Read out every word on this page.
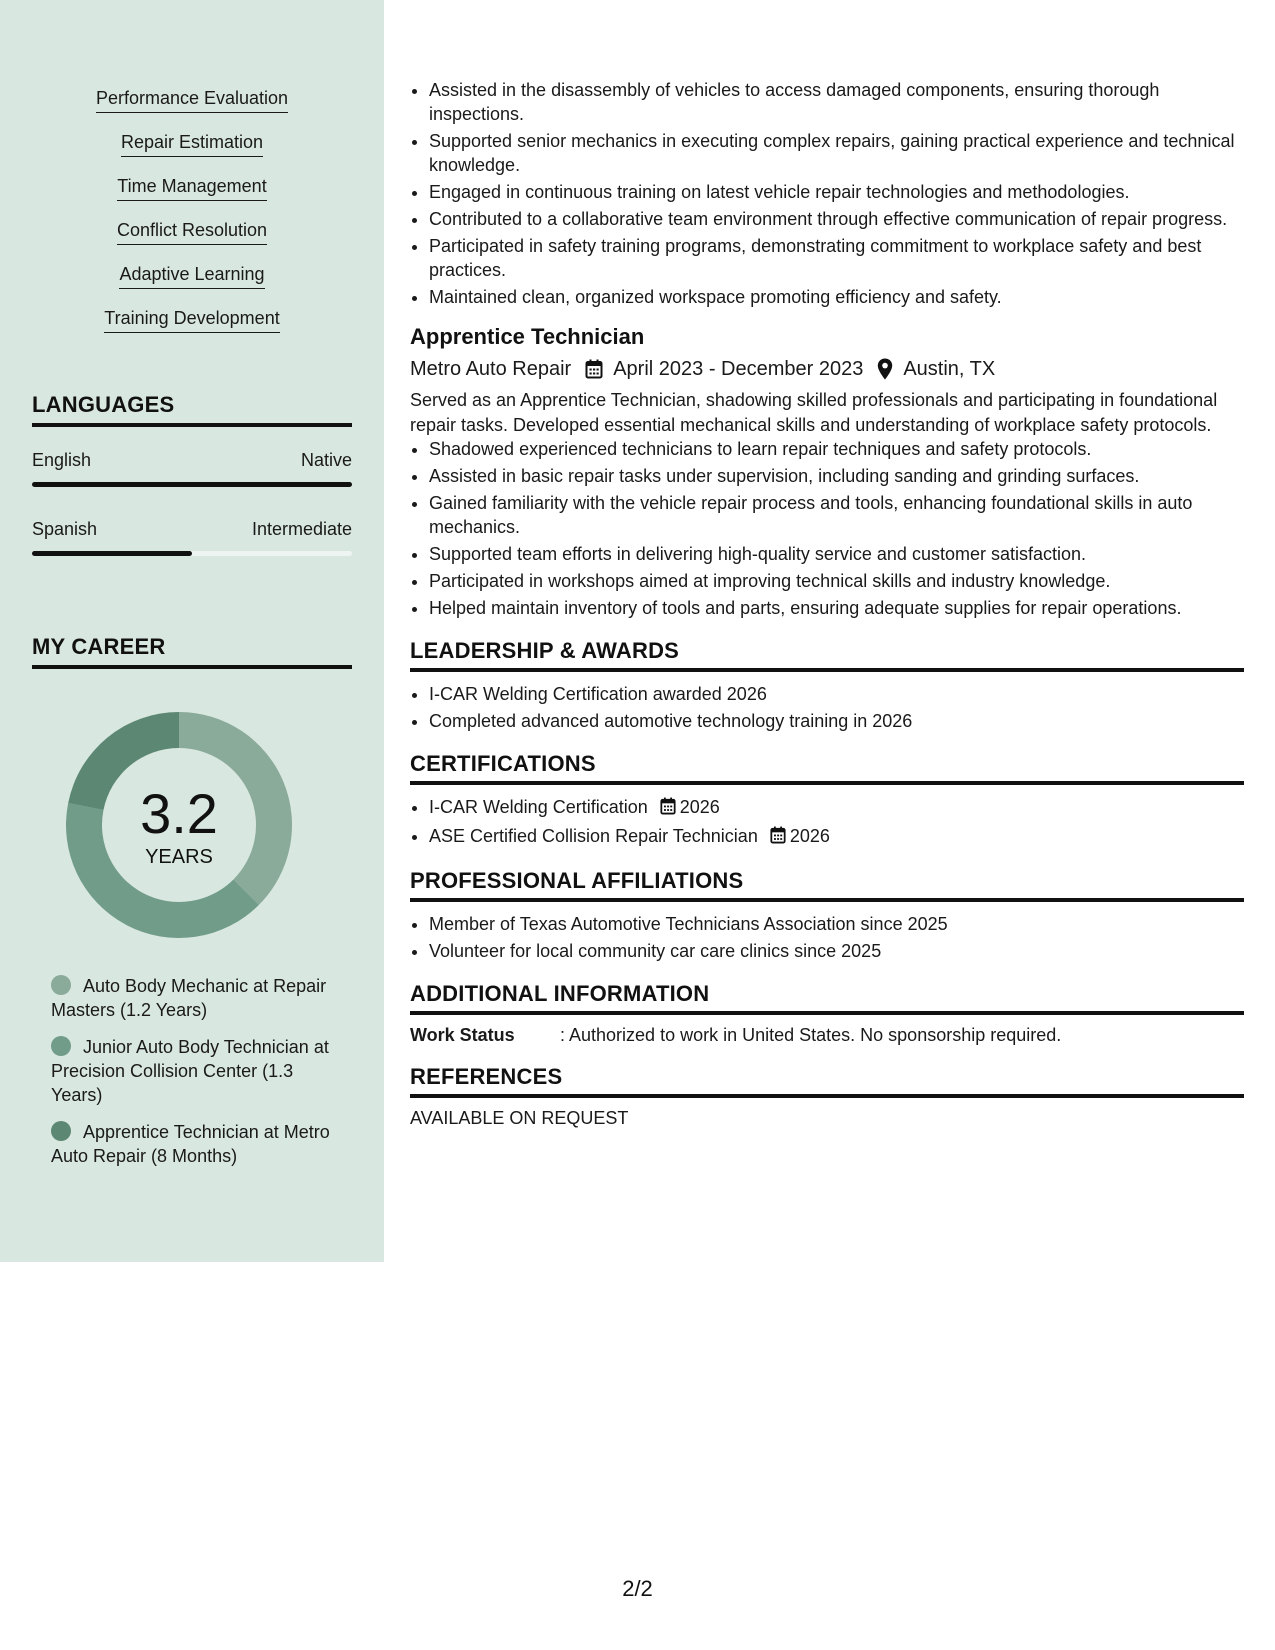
Performance Evaluation
Repair Estimation
Time Management
Conflict Resolution
Adaptive Learning
Training Development
LANGUAGES
English	Native
Spanish	Intermediate
MY CAREER
3.2
YEARS
Auto Body Mechanic at Repair Masters (1.2 Years)
Junior Auto Body Technician at Precision Collision Center (1.3 Years)
Apprentice Technician at Metro Auto Repair (8 Months)
• Assisted in the disassembly of vehicles to access damaged components, ensuring thorough inspections.
• Supported senior mechanics in executing complex repairs, gaining practical experience and technical knowledge.
• Engaged in continuous training on latest vehicle repair technologies and methodologies.
• Contributed to a collaborative team environment through effective communication of repair progress.
• Participated in safety training programs, demonstrating commitment to workplace safety and best practices.
• Maintained clean, organized workspace promoting efficiency and safety.
Apprentice Technician
Metro Auto Repair April 2023 - December 2023 Austin, TX
Served as an Apprentice Technician, shadowing skilled professionals and participating in foundational repair tasks. Developed essential mechanical skills and understanding of workplace safety protocols.
• Shadowed experienced technicians to learn repair techniques and safety protocols.
• Assisted in basic repair tasks under supervision, including sanding and grinding surfaces.
• Gained familiarity with the vehicle repair process and tools, enhancing foundational skills in auto mechanics.
• Supported team efforts in delivering high-quality service and customer satisfaction.
• Participated in workshops aimed at improving technical skills and industry knowledge.
• Helped maintain inventory of tools and parts, ensuring adequate supplies for repair operations.
LEADERSHIP & AWARDS
• I-CAR Welding Certification awarded 2026
• Completed advanced automotive technology training in 2026
CERTIFICATIONS
• I-CAR Welding Certification 2026
• ASE Certified Collision Repair Technician 2026
PROFESSIONAL AFFILIATIONS
• Member of Texas Automotive Technicians Association since 2025
• Volunteer for local community car care clinics since 2025
ADDITIONAL INFORMATION
Work Status	: Authorized to work in United States. No sponsorship required.
REFERENCES
AVAILABLE ON REQUEST
2/2
